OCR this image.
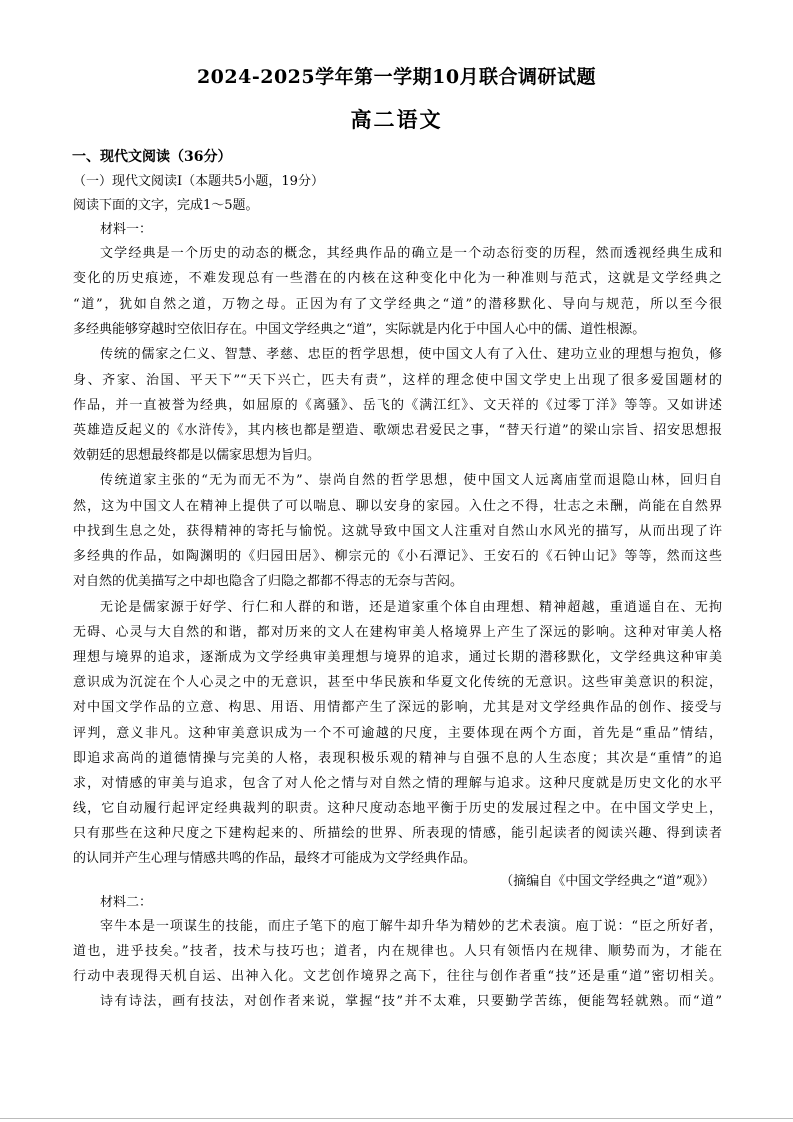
2024-2025学年第一学期10月联合调研试题
高二语文
一、现代文阅读（36分）
（一）现代文阅读Ⅰ（本题共5小题，19分）
阅读下面的文字，完成1～5题。
材料一：
文学经典是一个历史的动态的概念，其经典作品的确立是一个动态衍变的历程，然而透视经典生成和
变化的历史痕迹，不难发现总有一些潜在的内核在这种变化中化为一种准则与范式，这就是文学经典之
“道”，犹如自然之道，万物之母。正因为有了文学经典之“道”的潜移默化、导向与规范，所以至今很
多经典能够穿越时空依旧存在。中国文学经典之“道”，实际就是内化于中国人心中的儒、道性根源。
传统的儒家之仁义、智慧、孝慈、忠臣的哲学思想，使中国文人有了入仕、建功立业的理想与抱负，修
身、齐家、治国、平天下”“天下兴亡，匹夫有责”，这样的理念使中国文学史上出现了很多爱国题材的
作品，并一直被誉为经典，如屈原的《离骚》、岳飞的《满江红》、文天祥的《过零丁洋》等等。又如讲述
英雄造反起义的《水浒传》，其内核也都是塑造、歌颂忠君爱民之事，“替天行道”的梁山宗旨、招安思想报
效朝廷的思想最终都是以儒家思想为旨归。
传统道家主张的“无为而无不为”、崇尚自然的哲学思想，使中国文人远离庙堂而退隐山林，回归自
然，这为中国文人在精神上提供了可以喘息、聊以安身的家园。入仕之不得，壮志之未酬，尚能在自然界
中找到生息之处，获得精神的寄托与愉悦。这就导致中国文人注重对自然山水风光的描写，从而出现了许
多经典的作品，如陶渊明的《归园田居》、柳宗元的《小石潭记》、王安石的《石钟山记》等等，然而这些
对自然的优美描写之中却也隐含了归隐之都都不得志的无奈与苦闷。
无论是儒家源于好学、行仁和人群的和谐，还是道家重个体自由理想、精神超越，重逍遥自在、无拘
无碍、心灵与大自然的和谐，都对历来的文人在建构审美人格境界上产生了深远的影响。这种对审美人格
理想与境界的追求，逐渐成为文学经典审美理想与境界的追求，通过长期的潜移默化，文学经典这种审美
意识成为沉淀在个人心灵之中的无意识，甚至中华民族和华夏文化传统的无意识。这些审美意识的积淀，
对中国文学作品的立意、构思、用语、用情都产生了深远的影响，尤其是对文学经典作品的创作、接受与
评判，意义非凡。这种审美意识成为一个不可逾越的尺度，主要体现在两个方面，首先是“重品”情结，
即追求高尚的道德情操与完美的人格，表现积极乐观的精神与自强不息的人生态度；其次是“重情”的追
求，对情感的审美与追求，包含了对人伦之情与对自然之情的理解与追求。这种尺度就是历史文化的水平
线，它自动履行起评定经典裁判的职责。这种尺度动态地平衡于历史的发展过程之中。在中国文学史上，
只有那些在这种尺度之下建构起来的、所描绘的世界、所表现的情感，能引起读者的阅读兴趣、得到读者
的认同并产生心理与情感共鸣的作品，最终才可能成为文学经典作品。
（摘编自《中国文学经典之“道”观》）
材料二：
宰牛本是一项谋生的技能，而庄子笔下的庖丁解牛却升华为精妙的艺术表演。庖丁说：“臣之所好者，
道也，进乎技矣。”技者，技术与技巧也；道者，内在规律也。人只有领悟内在规律、顺势而为，才能在
行动中表现得天机自运、出神入化。文艺创作境界之高下，往往与创作者重“技”还是重“道”密切相关。
诗有诗法，画有技法，对创作者来说，掌握“技”并不太难，只要勤学苦练，便能驾轻就熟。而“道”
